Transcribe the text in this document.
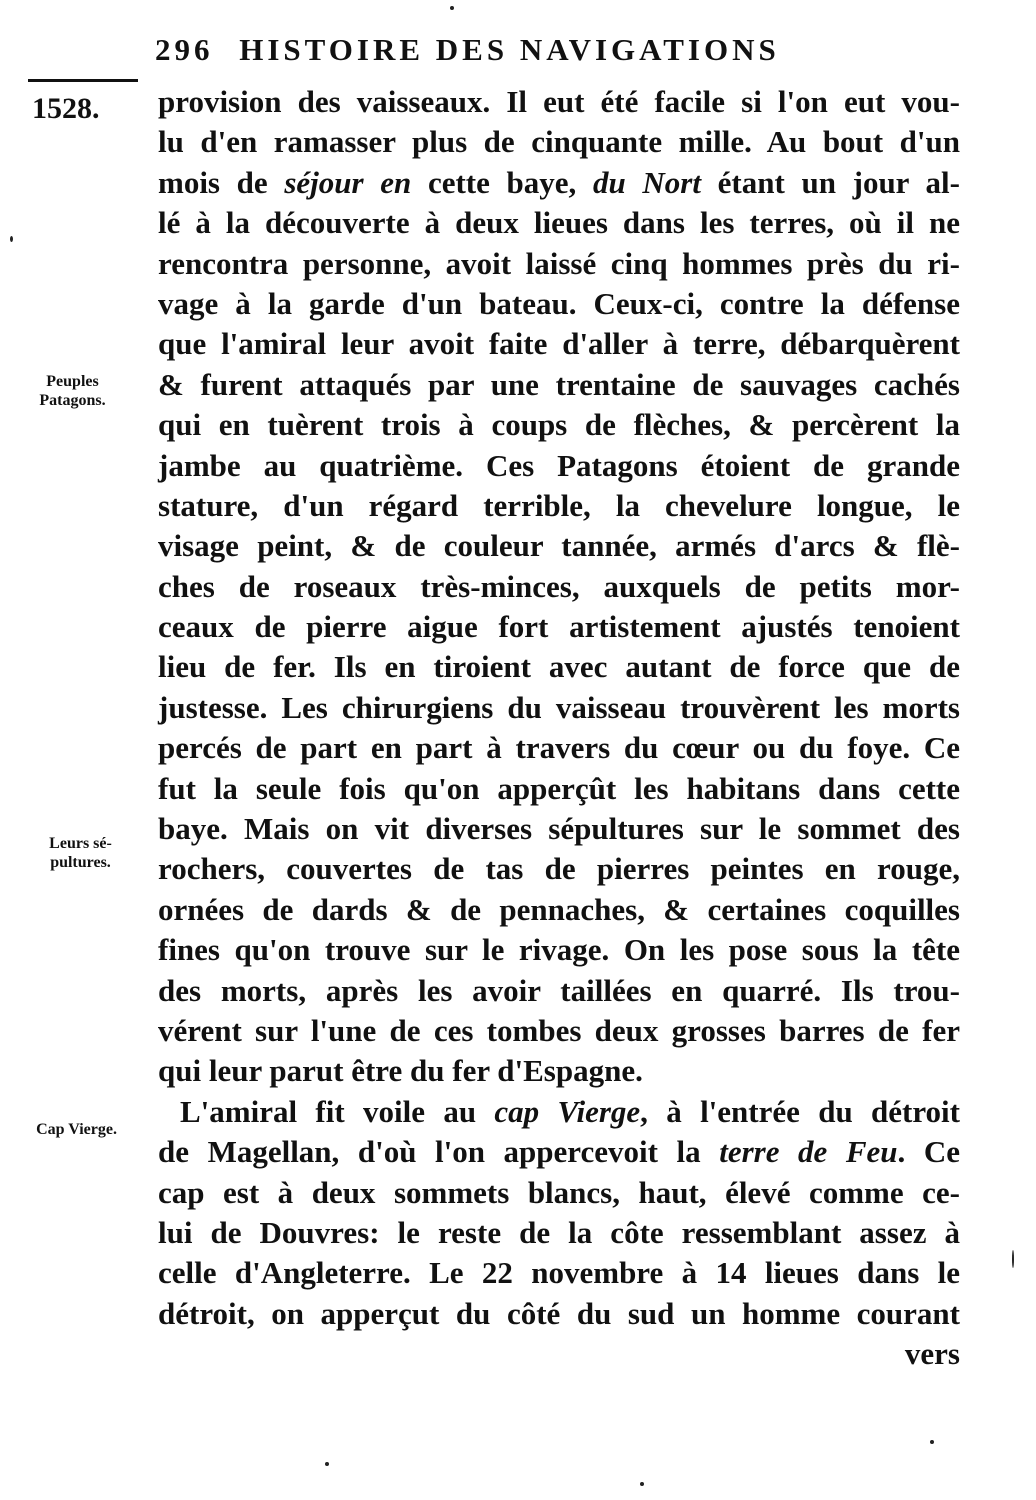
296 HISTOIRE DES NAVIGATIONS
1528.
Peuples
Patagons.
Leurs sé-
pultures.
Cap Vierge.
provision des vaisseaux. Il eut été facile si l'on eut vou-
lu d'en ramasser plus de cinquante mille. Au bout d'un
mois de séjour en cette baye, du Nort étant un jour al-
lé à la découverte à deux lieues dans les terres, où il ne
rencontra personne, avoit laissé cinq hommes près du ri-
vage à la garde d'un bateau. Ceux-ci, contre la défense
que l'amiral leur avoit faite d'aller à terre, débarquèrent
& furent attaqués par une trentaine de sauvages cachés
qui en tuèrent trois à coups de flèches, & percèrent la
jambe au quatrième. Ces Patagons étoient de grande
stature, d'un régard terrible, la chevelure longue, le
visage peint, & de couleur tannée, armés d'arcs & flè-
ches de roseaux très-minces, auxquels de petits mor-
ceaux de pierre aigue fort artistement ajustés tenoient
lieu de fer. Ils en tiroient avec autant de force que de
justesse. Les chirurgiens du vaisseau trouvèrent les morts
percés de part en part à travers du cœur ou du foye. Ce
fut la seule fois qu'on apperçût les habitans dans cette
baye. Mais on vit diverses sépultures sur le sommet des
rochers, couvertes de tas de pierres peintes en rouge,
ornées de dards & de pennaches, & certaines coquilles
fines qu'on trouve sur le rivage. On les pose sous la tête
des morts, après les avoir taillées en quarré. Ils trou-
vérent sur l'une de ces tombes deux grosses barres de fer
qui leur parut être du fer d'Espagne.
L'amiral fit voile au cap Vierge, à l'entrée du détroit
de Magellan, d'où l'on appercevoit la terre de Feu. Ce
cap est à deux sommets blancs, haut, élevé comme ce-
lui de Douvres: le reste de la côte ressemblant assez à
celle d'Angleterre. Le 22 novembre à 14 lieues dans le
détroit, on apperçut du côté du sud un homme courant
vers
